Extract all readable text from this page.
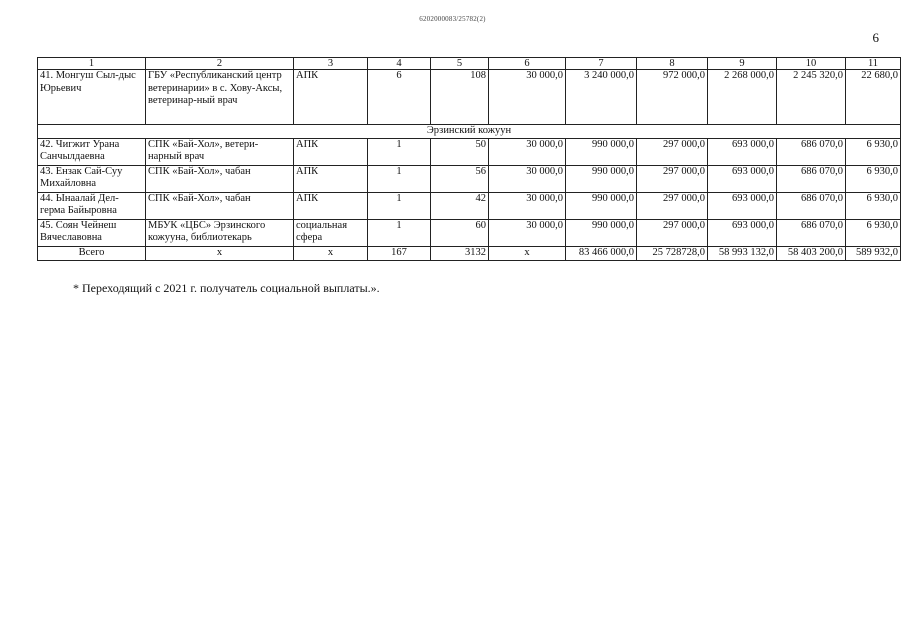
6202000083/25782(2)
6
1	2	3	4	5	6	7	8	9	10	11
41. Монгуш Сыл-дыс Юрьевич	ГБУ «Республиканский центр ветеринарии» в с. Хову-Аксы, ветеринар-ный врач	АПК	6	108	30 000,0	3 240 000,0	972 000,0	2 268 000,0	2 245 320,0	22 680,0
Эрзинский кожуун										
42. Чигжит Урана Санчылдаевна	СПК «Бай-Хол», ветери-нарный врач	АПК	1	50	30 000,0	990 000,0	297 000,0	693 000,0	686 070,0	6 930,0
43. Ензак Сай-Суу Михайловна	СПК «Бай-Хол», чабан	АПК	1	56	30 000,0	990 000,0	297 000,0	693 000,0	686 070,0	6 930,0
44. Ынаалай Дел-герма Байыровна	СПК «Бай-Хол», чабан	АПК	1	42	30 000,0	990 000,0	297 000,0	693 000,0	686 070,0	6 930,0
45. Соян Чейнеш Вячеславовна	МБУК «ЦБС» Эрзинского кожууна, библиотекарь	социальная сфера	1	60	30 000,0	990 000,0	297 000,0	693 000,0	686 070,0	6 930,0
Всего	х	х	167	3132	х	83 466 000,0	25 728728,0	58 993 132,0	58 403 200,0	589 932,0
* Переходящий с 2021 г. получатель социальной выплаты.».
